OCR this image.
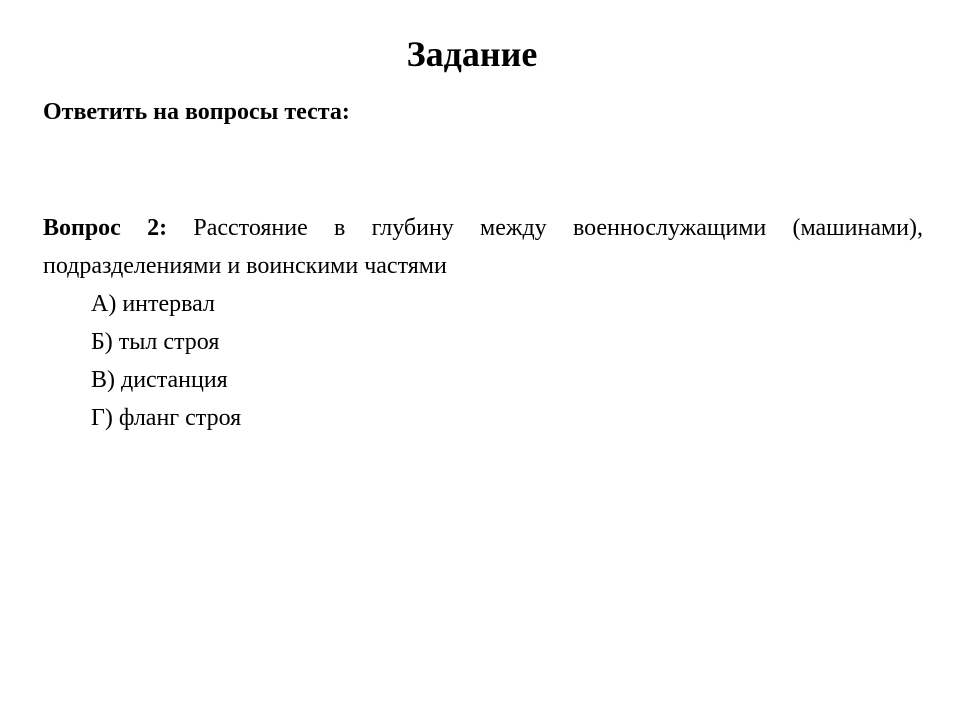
Задание
Ответить на вопросы теста:
Вопрос 2: Расстояние в глубину между военнослужащими (машинами), подразделениями и воинскими частями
А) интервал
Б) тыл строя
В) дистанция
Г) фланг строя
